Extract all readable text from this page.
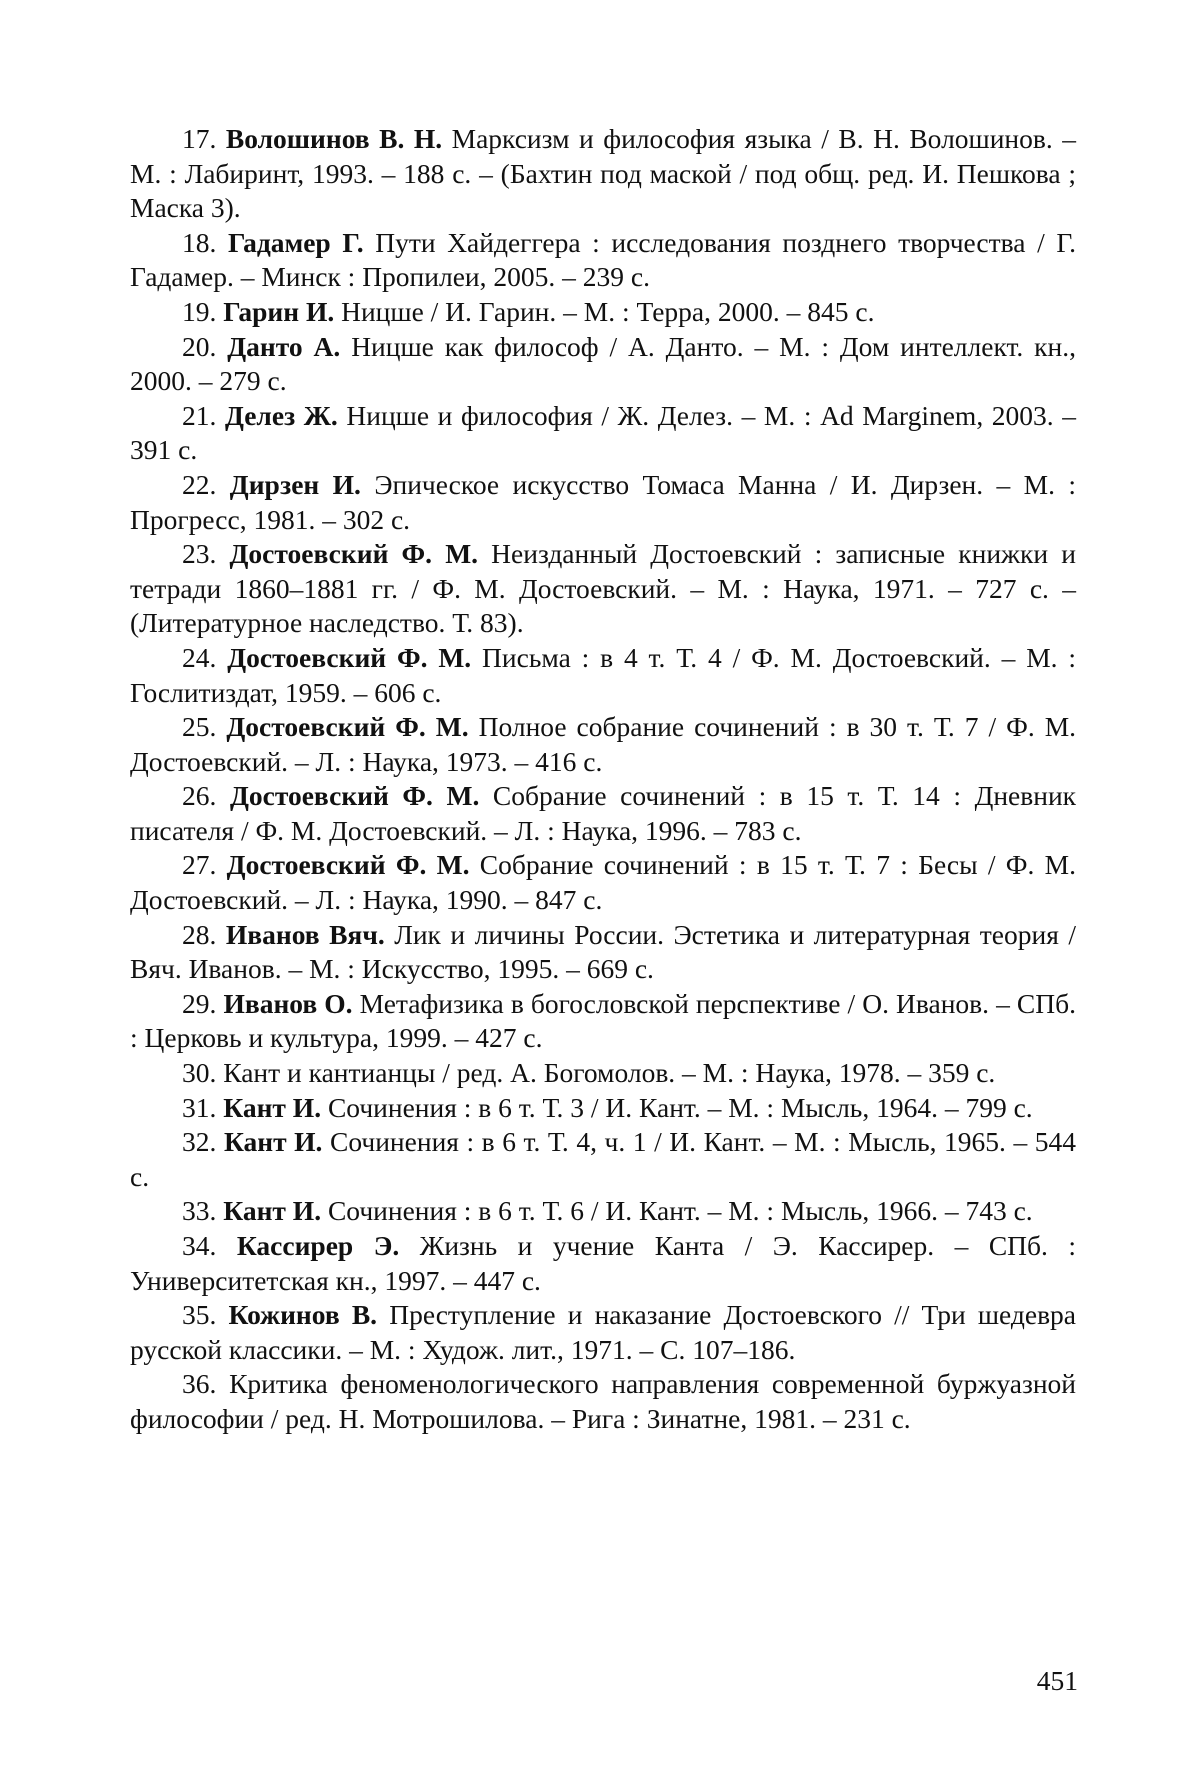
17. Волошинов В. Н. Марксизм и философия языка / В. Н. Волошинов. – М. : Лабиринт, 1993. – 188 с. – (Бахтин под маской / под общ. ред. И. Пешкова ; Маска 3).

18. Гадамер Г. Пути Хайдеггера : исследования позднего творчества / Г. Гадамер. – Минск : Пропилеи, 2005. – 239 с.

19. Гарин И. Ницше / И. Гарин. – М. : Терра, 2000. – 845 с.

20. Данто А. Ницше как философ / А. Данто. – М. : Дом интеллект. кн., 2000. – 279 с.

21. Делез Ж. Ницше и философия / Ж. Делез. – М. : Ad Marginem, 2003. – 391 с.

22. Дирзен И. Эпическое искусство Томаса Манна / И. Дирзен. – М. : Прогресс, 1981. – 302 с.

23. Достоевский Ф. М. Неизданный Достоевский : записные книжки и тетради 1860–1881 гг. / Ф. М. Достоевский. – М. : Наука, 1971. – 727 с. – (Литературное наследство. Т. 83).

24. Достоевский Ф. М. Письма : в 4 т. Т. 4 / Ф. М. Достоевский. – М. : Гослитиздат, 1959. – 606 с.

25. Достоевский Ф. М. Полное собрание сочинений : в 30 т. Т. 7 / Ф. М. Достоевский. – Л. : Наука, 1973. – 416 с.

26. Достоевский Ф. М. Собрание сочинений : в 15 т. Т. 14 : Дневник писателя / Ф. М. Достоевский. – Л. : Наука, 1996. – 783 с.

27. Достоевский Ф. М. Собрание сочинений : в 15 т. Т. 7 : Бесы / Ф. М. Достоевский. – Л. : Наука, 1990. – 847 с.

28. Иванов Вяч. Лик и личины России. Эстетика и литературная теория / Вяч. Иванов. – М. : Искусство, 1995. – 669 с.

29. Иванов О. Метафизика в богословской перспективе / О. Иванов. – СПб. : Церковь и культура, 1999. – 427 с.

30. Кант и кантианцы / ред. А. Богомолов. – М. : Наука, 1978. – 359 с.

31. Кант И. Сочинения : в 6 т. Т. 3 / И. Кант. – М. : Мысль, 1964. – 799 с.

32. Кант И. Сочинения : в 6 т. Т. 4, ч. 1 / И. Кант. – М. : Мысль, 1965. – 544 с.

33. Кант И. Сочинения : в 6 т. Т. 6 / И. Кант. – М. : Мысль, 1966. – 743 с.

34. Кассирер Э. Жизнь и учение Канта / Э. Кассирер. – СПб. : Университетская кн., 1997. – 447 с.

35. Кожинов В. Преступление и наказание Достоевского // Три шедевра русской классики. – М. : Худож. лит., 1971. – С. 107–186.

36. Критика феноменологического направления современной буржуазной философии / ред. Н. Мотрошилова. – Рига : Зинатне, 1981. – 231 с.

451
